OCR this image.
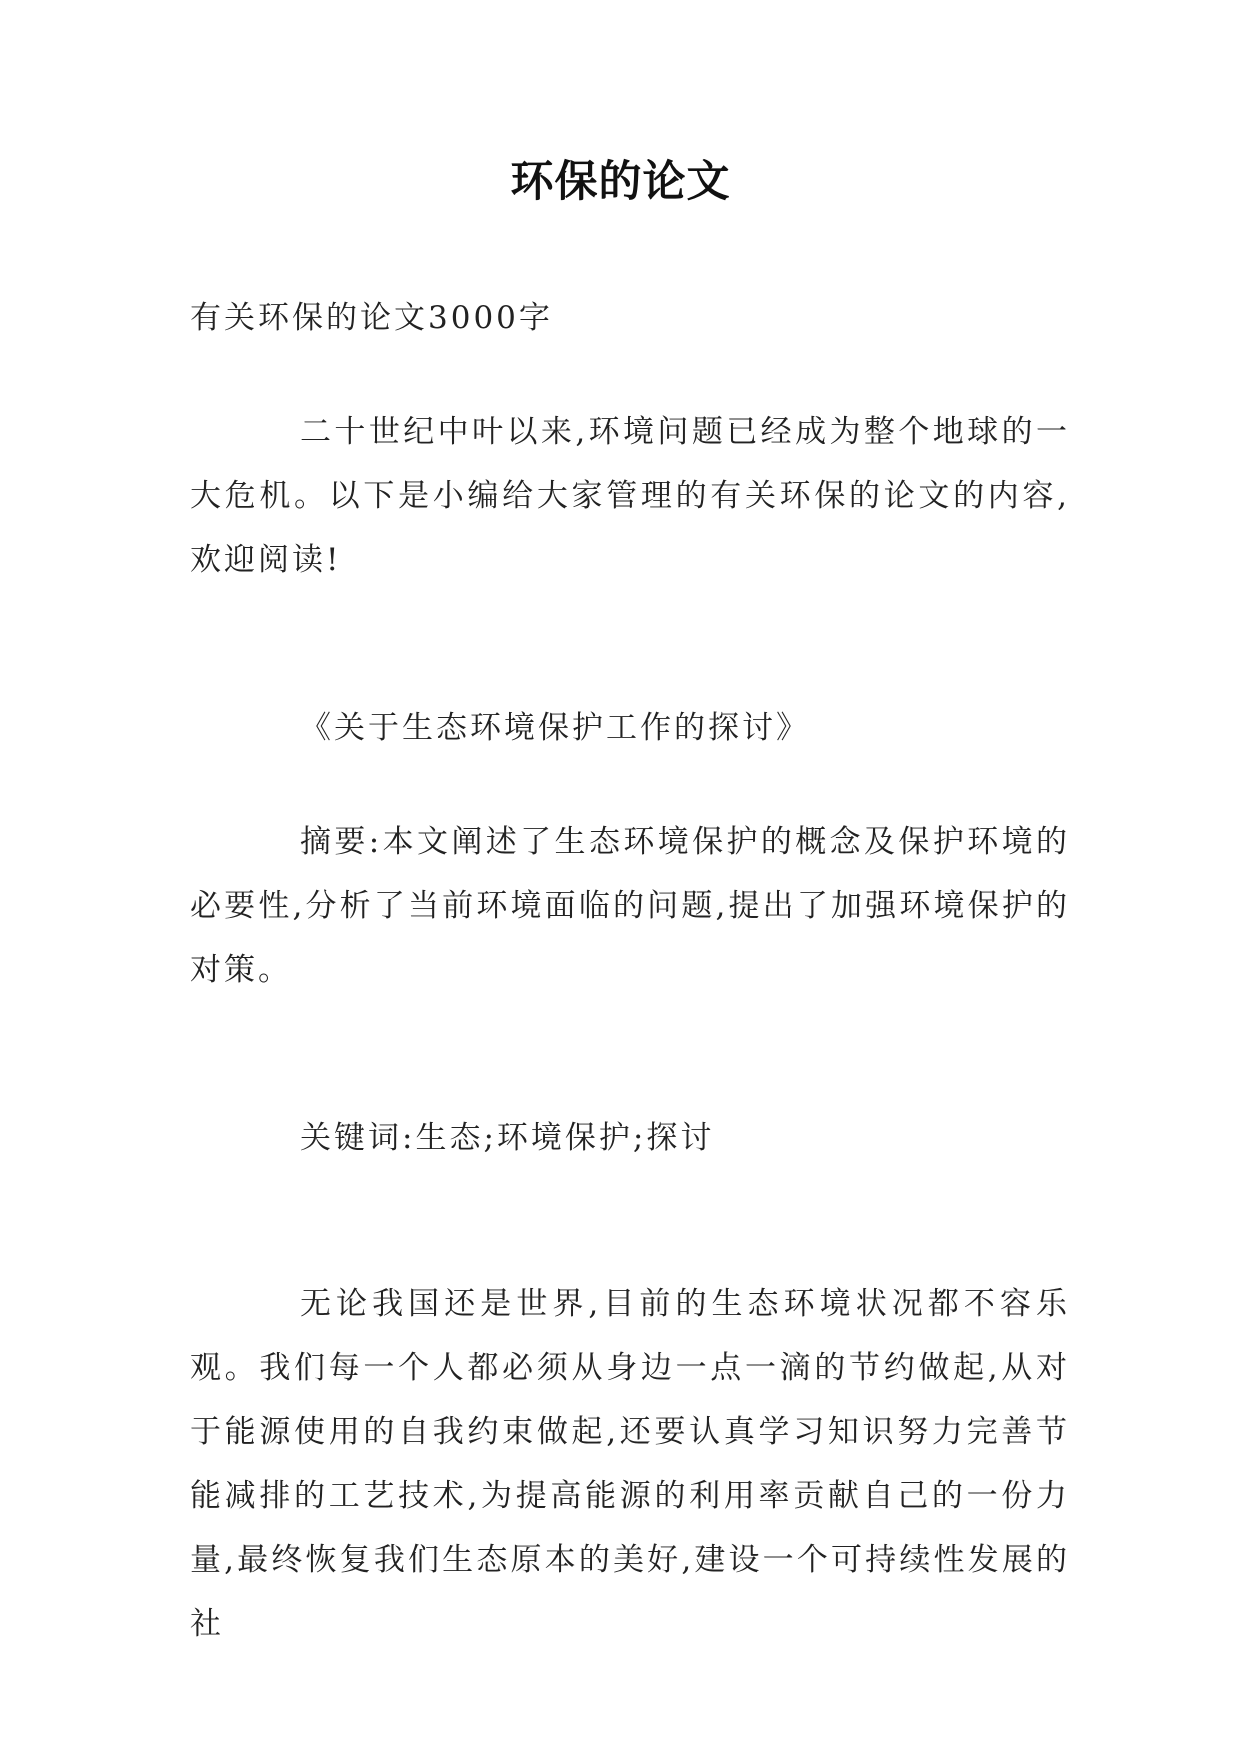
环保的论文

有关环保的论文3000字

二十世纪中叶以来,环境问题已经成为整个地球的一大危机。以下是小编给大家管理的有关环保的论文的内容,欢迎阅读!

《关于生态环境保护工作的探讨》

摘要:本文阐述了生态环境保护的概念及保护环境的必要性,分析了当前环境面临的问题,提出了加强环境保护的对策。

关键词:生态;环境保护;探讨

无论我国还是世界,目前的生态环境状况都不容乐观。我们每一个人都必须从身边一点一滴的节约做起,从对于能源使用的自我约束做起,还要认真学习知识努力完善节能减排的工艺技术,为提高能源的利用率贡献自己的一份力量,最终恢复我们生态原本的美好,建设一个可持续性发展的社
